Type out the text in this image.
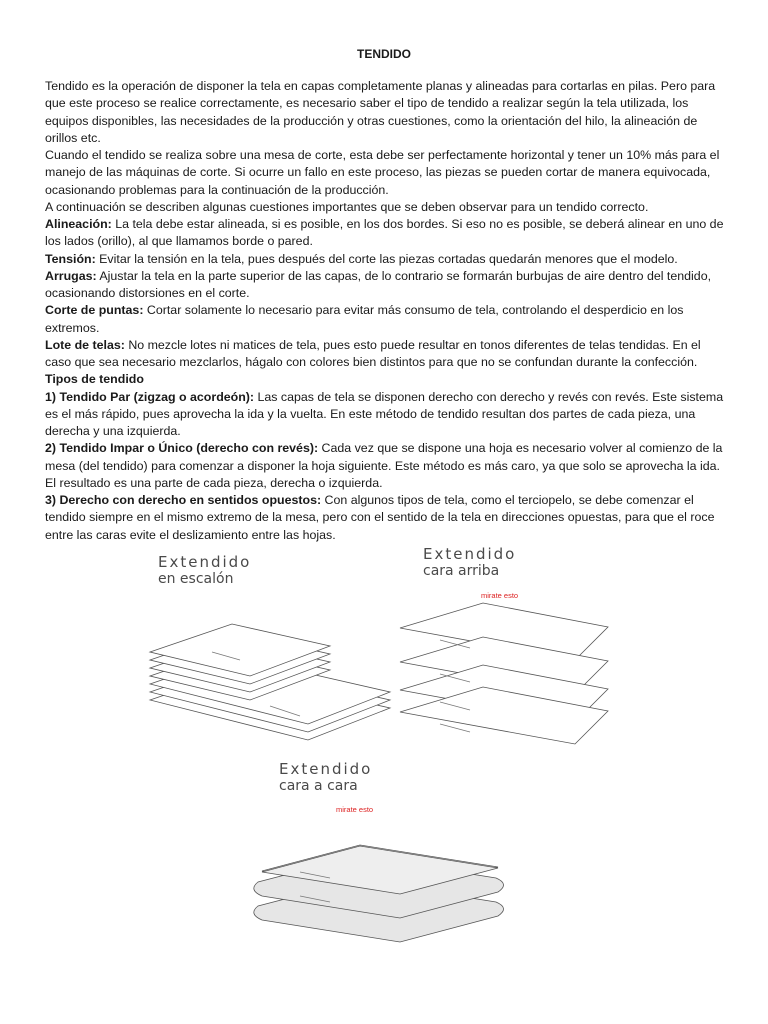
TENDIDO

Tendido es la operación de disponer la tela en capas completamente planas y alineadas para cortarlas en pilas. Pero para que este proceso se realice correctamente, es necesario saber el tipo de tendido a realizar según la tela utilizada, los equipos disponibles, las necesidades de la producción y otras cuestiones, como la orientación del hilo, la alineación de orillos etc.

Cuando el tendido se realiza sobre una mesa de corte, esta debe ser perfectamente horizontal y tener un 10% más para el manejo de las máquinas de corte. Si ocurre un fallo en este proceso, las piezas se pueden cortar de manera equivocada, ocasionando problemas para la continuación de la producción.

A continuación se describen algunas cuestiones importantes que se deben observar para un tendido correcto.

Alineación: La tela debe estar alineada, si es posible, en los dos bordes. Si eso no es posible, se deberá alinear en uno de los lados (orillo), al que llamamos borde o pared.

Tensión: Evitar la tensión en la tela, pues después del corte las piezas cortadas quedarán menores que el modelo.

Arrugas: Ajustar la tela en la parte superior de las capas, de lo contrario se formarán burbujas de aire dentro del tendido, ocasionando distorsiones en el corte.

Corte de puntas: Cortar solamente lo necesario para evitar más consumo de tela, controlando el desperdicio en los extremos.

Lote de telas: No mezcle lotes ni matices de tela, pues esto puede resultar en tonos diferentes de telas tendidas. En el caso que sea necesario mezclarlos, hágalo con colores bien distintos para que no se confundan durante la confección.

Tipos de tendido

1) Tendido Par (zigzag o acordeón): Las capas de tela se disponen derecho con derecho y revés con revés. Este sistema es el más rápido, pues aprovecha la ida y la vuelta. En este método de tendido resultan dos partes de cada pieza, una derecha y una izquierda.

2) Tendido Impar o Único (derecho con revés): Cada vez que se dispone una hoja es necesario volver al comienzo de la mesa (del tendido) para comenzar a disponer la hoja siguiente. Este método es más caro, ya que solo se aprovecha la ida. El resultado es una parte de cada pieza, derecha o izquierda.

3) Derecho con derecho en sentidos opuestos: Con algunos tipos de tela, como el terciopelo, se debe comenzar el tendido siempre en el mismo extremo de la mesa, pero con el sentido de la tela en direcciones opuestas, para que el roce entre las caras evite el deslizamiento entre las hojas.

Extendido
en escalón
Extendido
cara arriba
mirate esto
Extendido
cara a cara
mirate esto
